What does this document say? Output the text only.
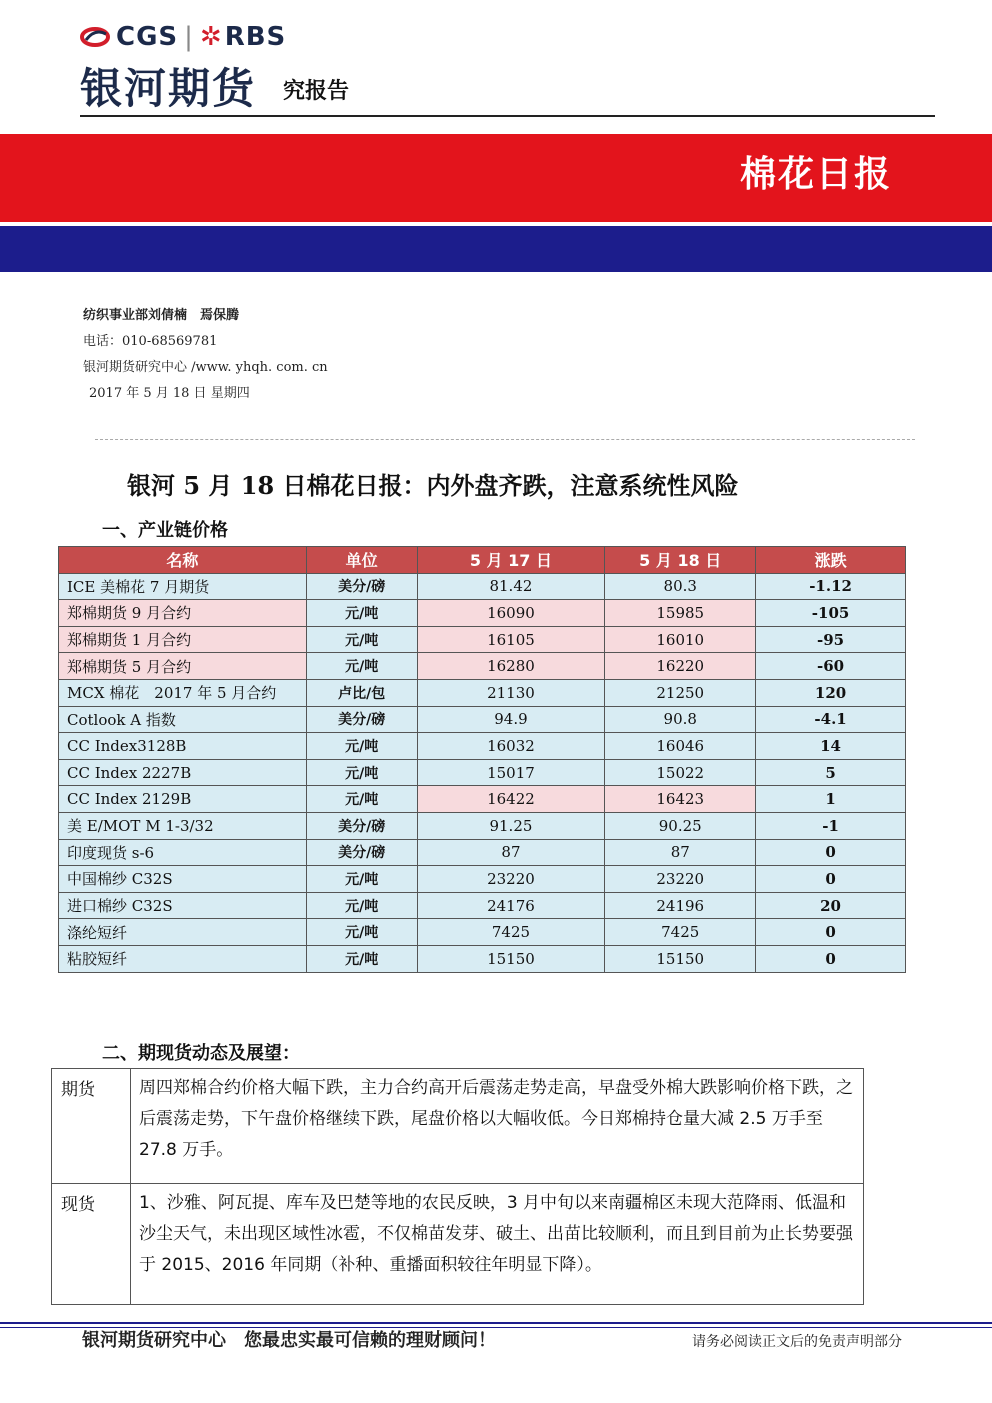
CGS | ✲ RBS
银河期货 究报告
棉花日报
纺织事业部刘倩楠　焉保腾
电话：010-68569781
银河期货研究中心 /www. yhqh. com. cn
2017 年 5 月 18 日 星期四
银河 5 月 18 日棉花日报：内外盘齐跌，注意系统性风险
一、产业链价格
名称	单位	5 月 17 日	5 月 18 日	涨跌
ICE 美棉花 7 月期货	美分/磅	81.42	80.3	-1.12
郑棉期货 9 月合约	元/吨	16090	15985	-105
郑棉期货 1 月合约	元/吨	16105	16010	-95
郑棉期货 5 月合约	元/吨	16280	16220	-60
MCX 棉花　2017 年 5 月合约	卢比/包	21130	21250	120
Cotlook A 指数	美分/磅	94.9	90.8	-4.1
CC Index3128B	元/吨	16032	16046	14
CC Index 2227B	元/吨	15017	15022	5
CC Index 2129B	元/吨	16422	16423	1
美 E/MOT M 1-3/32	美分/磅	91.25	90.25	-1
印度现货 s-6	美分/磅	87	87	0
中国棉纱 C32S	元/吨	23220	23220	0
进口棉纱 C32S	元/吨	24176	24196	20
涤纶短纤	元/吨	7425	7425	0
粘胶短纤	元/吨	15150	15150	0
二、期现货动态及展望：
期货	周四郑棉合约价格大幅下跌，主力合约高开后震荡走势走高，早盘受外棉大跌影响价格下跌，之后震荡走势，下午盘价格继续下跌，尾盘价格以大幅收低。今日郑棉持仓量大减 2.5 万手至 27.8 万手。
现货	1、沙雅、阿瓦提、库车及巴楚等地的农民反映，3 月中旬以来南疆棉区未现大范降雨、低温和沙尘天气，未出现区域性冰雹，不仅棉苗发芽、破土、出苗比较顺利，而且到目前为止长势要强于 2015、2016 年同期（补种、重播面积较往年明显下降）。
银河期货研究中心　您最忠实最可信赖的理财顾问！	请务必阅读正文后的免责声明部分
